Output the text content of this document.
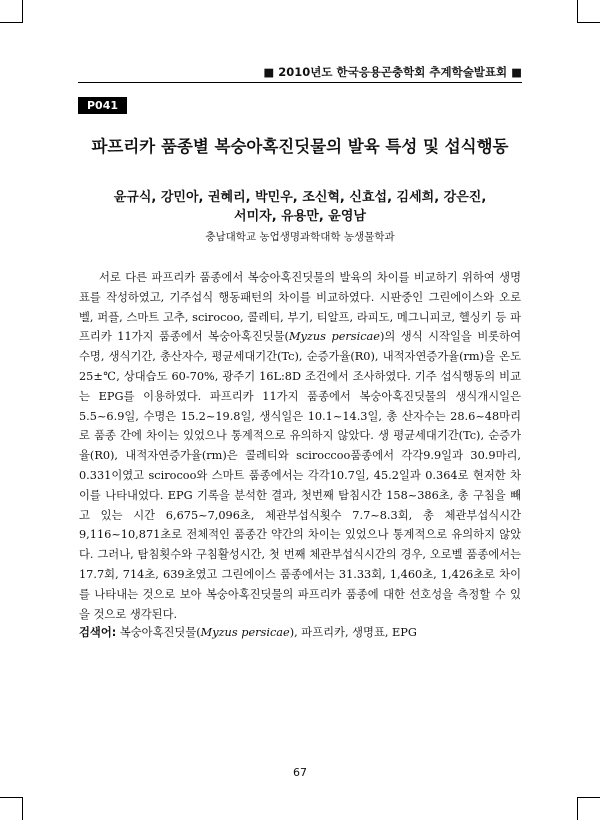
■ 2010년도 한국응용곤충학회 추계학술발표회 ■
P041
파프리카 품종별 복숭아혹진딧물의 발육 특성 및 섭식행동
윤규식, 강민아, 권혜리, 박민우, 조신혁, 신효섭, 김세희, 강은진,
서미자, 유용만, 윤영남
충남대학교 농업생명과학대학 농생물학과

서로 다른 파프리카 품종에서 복숭아혹진딧물의 발육의 차이를 비교하기 위하여 생명표를 작성하였고, 기주섭식 행동패턴의 차이를 비교하였다. 시판중인 그린에이스와 오로벨, 퍼플, 스마트 고추, scirocoo, 콜레티, 부기, 티알프, 라피도, 메그니피코, 헬싱키 등 파프리카 11가지 품종에서 복숭아혹진딧물(Myzus persicae)의 생식 시작일을 비롯하여 수명, 생식기간, 총산자수, 평균세대기간(Tc), 순증가율(R0), 내적자연증가율(rm)을 온도 25±℃, 상대습도 60-70%, 광주기 16L:8D 조건에서 조사하였다. 기주 섭식행동의 비교는 EPG를 이용하였다. 파프리카 11가지 품종에서 복숭아혹진딧물의 생식개시일은 5.5~6.9일, 수명은 15.2~19.8일, 생식일은 10.1~14.3일, 총 산자수는 28.6~48마리로 품종 간에 차이는 있었으나 통계적으로 유의하지 않았다. 생 평균세대기간(Tc), 순증가율(R0), 내적자연증가율(rm)은 콜레티와 sciroccoo품종에서 각각9.9일과 30.9마리, 0.331이였고 scirocoo와 스마트 품종에서는 각각10.7일, 45.2일과 0.364로 현저한 차이를 나타내었다. EPG 기록을 분석한 결과, 첫번째 탐침시간 158~386초, 총 구침을 빼고 있는 시간 6,675~7,096초, 체관부섭식횟수 7.7~8.3회, 총 체관부섭식시간 9,116~10,871초로 전체적인 품종간 약간의 차이는 있었으나 통계적으로 유의하지 않았다. 그러나, 탐침횟수와 구침활성시간, 첫 번째 체관부섭식시간의 경우, 오로벨 품종에서는 17.7회, 714초, 639초였고 그린에이스 품종에서는 31.33회, 1,460초, 1,426초로 차이를 나타내는 것으로 보아 복숭아혹진딧물의 파프리카 품종에 대한 선호성을 측정할 수 있을 것으로 생각된다.

검색어: 복숭아혹진딧물(Myzus persicae), 파프리카, 생명표, EPG
67
